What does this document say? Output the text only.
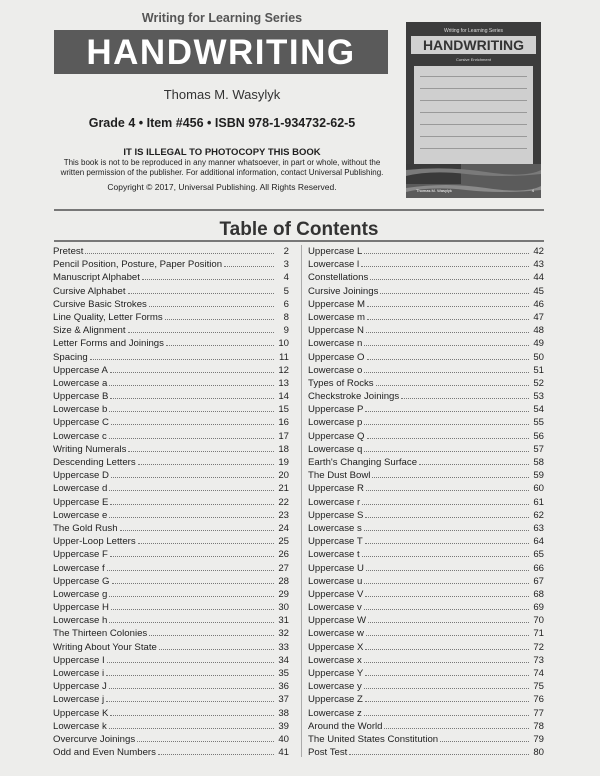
Writing for Learning Series
HANDWRITING
Thomas M. Wasylyk
Grade 4 • Item #456 • ISBN 978-1-934732-62-5
IT IS ILLEGAL TO PHOTOCOPY THIS BOOK
This book is not to be reproduced in any manner whatsoever, in part or whole, without the
written permission of the publisher. For additional information, contact Universal Publishing.
Copyright © 2017, Universal Publishing. All Rights Reserved.
Writing for Learning Series
HANDWRITING
Cursive Enrichment
Thomas M. Wasylyk	4
Table of Contents
Pretest	2
Pencil Position, Posture, Paper Position	3
Manuscript Alphabet	4
Cursive Alphabet	5
Cursive Basic Strokes	6
Line Quality, Letter Forms	8
Size & Alignment	9
Letter Forms and Joinings	10
Spacing	11
Uppercase A	12
Lowercase a	13
Uppercase B	14
Lowercase b	15
Uppercase C	16
Lowercase c	17
Writing Numerals	18
Descending Letters	19
Uppercase D	20
Lowercase d	21
Uppercase E	22
Lowercase e	23
The Gold Rush	24
Upper-Loop Letters	25
Uppercase F	26
Lowercase f	27
Uppercase G	28
Lowercase g	29
Uppercase H	30
Lowercase h	31
The Thirteen Colonies	32
Writing About Your State	33
Uppercase I	34
Lowercase i	35
Uppercase J	36
Lowercase j	37
Uppercase K	38
Lowercase k	39
Overcurve Joinings	40
Odd and Even Numbers	41
Uppercase L	42
Lowercase l	43
Constellations	44
Cursive Joinings	45
Uppercase M	46
Lowercase m	47
Uppercase N	48
Lowercase n	49
Uppercase O	50
Lowercase o	51
Types of Rocks	52
Checkstroke Joinings	53
Uppercase P	54
Lowercase p	55
Uppercase Q	56
Lowercase q	57
Earth's Changing Surface	58
The Dust Bowl	59
Uppercase R	60
Lowercase r	61
Uppercase S	62
Lowercase s	63
Uppercase T	64
Lowercase t	65
Uppercase U	66
Lowercase u	67
Uppercase V	68
Lowercase v	69
Uppercase W	70
Lowercase w	71
Uppercase X	72
Lowercase x	73
Uppercase Y	74
Lowercase y	75
Uppercase Z	76
Lowercase z	77
Around the World	78
The United States Constitution	79
Post Test	80
